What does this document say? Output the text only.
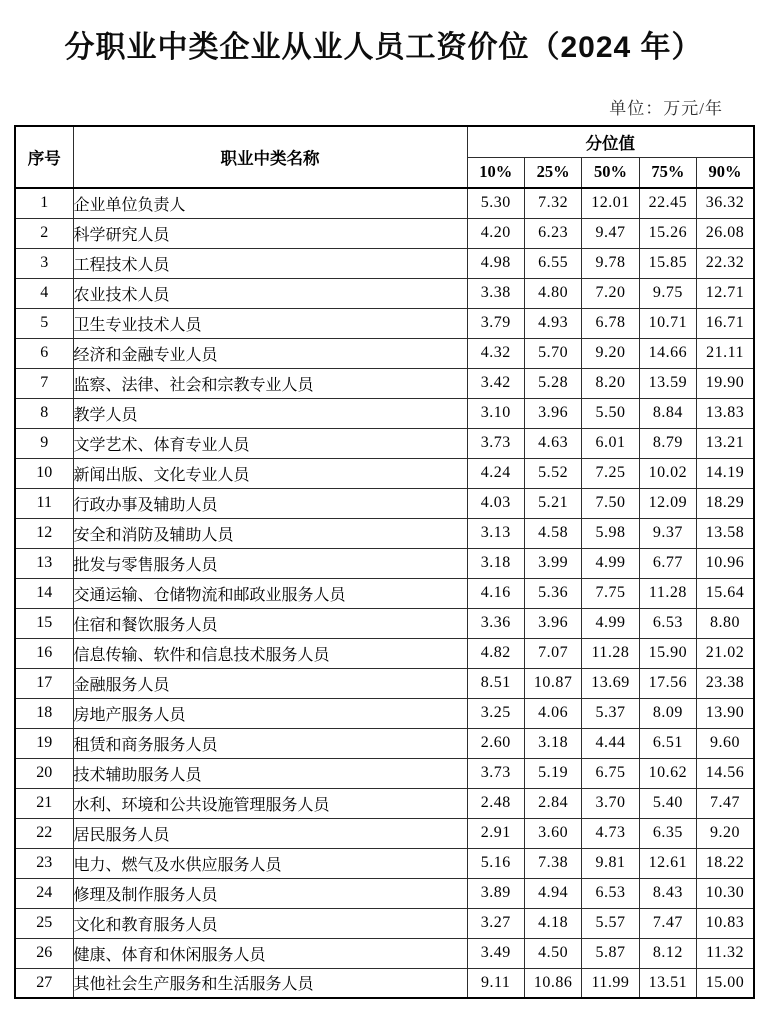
分职业中类企业从业人员工资价位（2024 年）
单位：万元/年
序号	职业中类名称	分位值				
		10%	25%	50%	75%	90%
1	企业单位负责人	5.30	7.32	12.01	22.45	36.32
2	科学研究人员	4.20	6.23	9.47	15.26	26.08
3	工程技术人员	4.98	6.55	9.78	15.85	22.32
4	农业技术人员	3.38	4.80	7.20	9.75	12.71
5	卫生专业技术人员	3.79	4.93	6.78	10.71	16.71
6	经济和金融专业人员	4.32	5.70	9.20	14.66	21.11
7	监察、法律、社会和宗教专业人员	3.42	5.28	8.20	13.59	19.90
8	教学人员	3.10	3.96	5.50	8.84	13.83
9	文学艺术、体育专业人员	3.73	4.63	6.01	8.79	13.21
10	新闻出版、文化专业人员	4.24	5.52	7.25	10.02	14.19
11	行政办事及辅助人员	4.03	5.21	7.50	12.09	18.29
12	安全和消防及辅助人员	3.13	4.58	5.98	9.37	13.58
13	批发与零售服务人员	3.18	3.99	4.99	6.77	10.96
14	交通运输、仓储物流和邮政业服务人员	4.16	5.36	7.75	11.28	15.64
15	住宿和餐饮服务人员	3.36	3.96	4.99	6.53	8.80
16	信息传输、软件和信息技术服务人员	4.82	7.07	11.28	15.90	21.02
17	金融服务人员	8.51	10.87	13.69	17.56	23.38
18	房地产服务人员	3.25	4.06	5.37	8.09	13.90
19	租赁和商务服务人员	2.60	3.18	4.44	6.51	9.60
20	技术辅助服务人员	3.73	5.19	6.75	10.62	14.56
21	水利、环境和公共设施管理服务人员	2.48	2.84	3.70	5.40	7.47
22	居民服务人员	2.91	3.60	4.73	6.35	9.20
23	电力、燃气及水供应服务人员	5.16	7.38	9.81	12.61	18.22
24	修理及制作服务人员	3.89	4.94	6.53	8.43	10.30
25	文化和教育服务人员	3.27	4.18	5.57	7.47	10.83
26	健康、体育和休闲服务人员	3.49	4.50	5.87	8.12	11.32
27	其他社会生产服务和生活服务人员	9.11	10.86	11.99	13.51	15.00
